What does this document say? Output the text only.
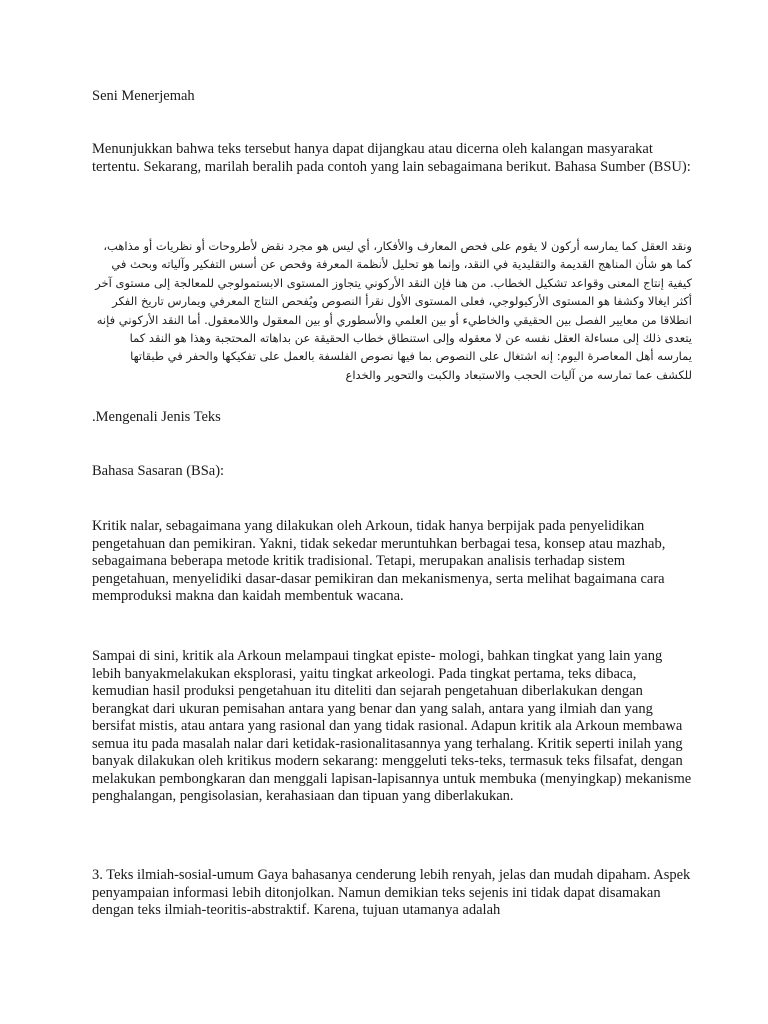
Seni Menerjemah

Menunjukkan bahwa teks tersebut hanya dapat dijangkau atau dicerna oleh kalangan masyarakat tertentu. Sekarang, marilah beralih pada contoh yang lain sebagaimana berikut. Bahasa Sumber (BSU):

ونقد العقل كما يمارسه أركون لا يقوم على فحص المعارف والأفكار، أي ليس هو مجرد نقض لأطروحات أو نظريات أو مذاهب، كما هو شأن المناهج القديمة والتقليدية في النقد، وإنما هو تحليل لأنظمة المعرفة وفحص عن أسس التفكير وآلياته وبحث في كيفية إنتاج المعنى وقواعد تشكيل الخطاب. من هنا فإن النقد الأركوني يتجاوز المستوى الابستمولوجي للمعالجة إلى مستوى آخر أكثر ايغالا وكشفا هو المستوى الأركيولوجي، فعلى المستوى الأول نقرأ النصوص ويُفحص النتاج المعرفي ويمارس تاريخ الفكر انطلاقا من معايير الفصل بين الحقيقي والخاطيء أو بين العلمي والأسطوري أو بين المعقول واللامعقول. أما النقد الأركوني فإنه يتعدى ذلك إلى مساءلة العقل نفسه عن لا معقوله وإلى استنطاق خطاب الحقيقة عن بداهاته المحتجبة وهذا هو النقد كما يمارسه أهل المعاصرة اليوم: إنه اشتغال على النصوص بما فيها نصوص الفلسفة بالعمل على تفكيكها والحفر في طبقاتها للكشف عما تمارسه من آليات الحجب والاستبعاد والكبت والتحوير والخداع

.Mengenali Jenis Teks

Bahasa Sasaran (BSa):

Kritik nalar, sebagaimana yang dilakukan oleh Arkoun, tidak hanya berpijak pada penyelidikan pengetahuan dan pemikiran. Yakni, tidak sekedar meruntuhkan berbagai tesa, konsep atau mazhab, sebagaimana beberapa metode kritik tradisional. Tetapi, merupakan analisis terhadap sistem pengetahuan, menyelidiki dasar-dasar pemikiran dan mekanismenya, serta melihat bagaimana cara memproduksi makna dan kaidah membentuk wacana.

Sampai di sini, kritik ala Arkoun melampaui tingkat episte- mologi, bahkan tingkat yang lain yang lebih banyakmelakukan eksplorasi, yaitu tingkat arkeologi. Pada tingkat pertama, teks dibaca, kemudian hasil produksi pengetahuan itu diteliti dan sejarah pengetahuan diberlakukan dengan berangkat dari ukuran pemisahan antara yang benar dan yang salah, antara yang ilmiah dan yang bersifat mistis, atau antara yang rasional dan yang tidak rasional. Adapun kritik ala Arkoun membawa semua itu pada masalah nalar dari ketidak-rasionalitasannya yang terhalang. Kritik seperti inilah yang banyak dilakukan oleh kritikus modern sekarang: menggeluti teks-teks, termasuk teks filsafat, dengan melakukan pembongkaran dan menggali lapisan-lapisannya untuk membuka (menyingkap) mekanisme penghalangan, pengisolasian, kerahasiaan dan tipuan yang diberlakukan.

3. Teks ilmiah-sosial-umum Gaya bahasanya cenderung lebih renyah, jelas dan mudah dipaham. Aspek penyampaian informasi lebih ditonjolkan. Namun demikian teks sejenis ini tidak dapat disamakan dengan teks ilmiah-teoritis-abstraktif. Karena, tujuan utamanya adalah
